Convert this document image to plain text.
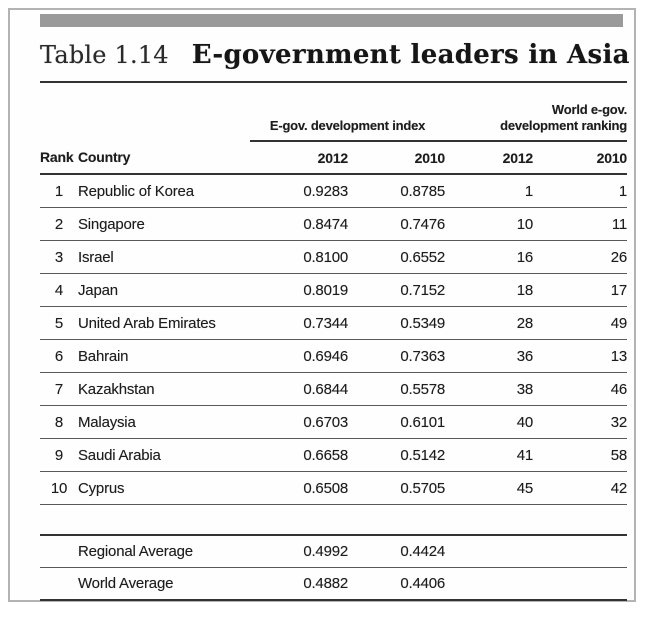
Table 1.14 E-government leaders in Asia
		E-gov. development index		World e-gov.
development ranking	

Rank	Country	2012	2010	2012	2010
1	Republic of Korea	0.9283	0.8785	1	1
2	Singapore	0.8474	0.7476	10	11
3	Israel	0.8100	0.6552	16	26
4	Japan	0.8019	0.7152	18	17
5	United Arab Emirates	0.7344	0.5349	28	49
6	Bahrain	0.6946	0.7363	36	13
7	Kazakhstan	0.6844	0.5578	38	46
8	Malaysia	0.6703	0.6101	40	32
9	Saudi Arabia	0.6658	0.5142	41	58
10	Cyprus	0.6508	0.5705	45	42

	Regional Average	0.4992	0.4424		
	World Average	0.4882	0.4406		
